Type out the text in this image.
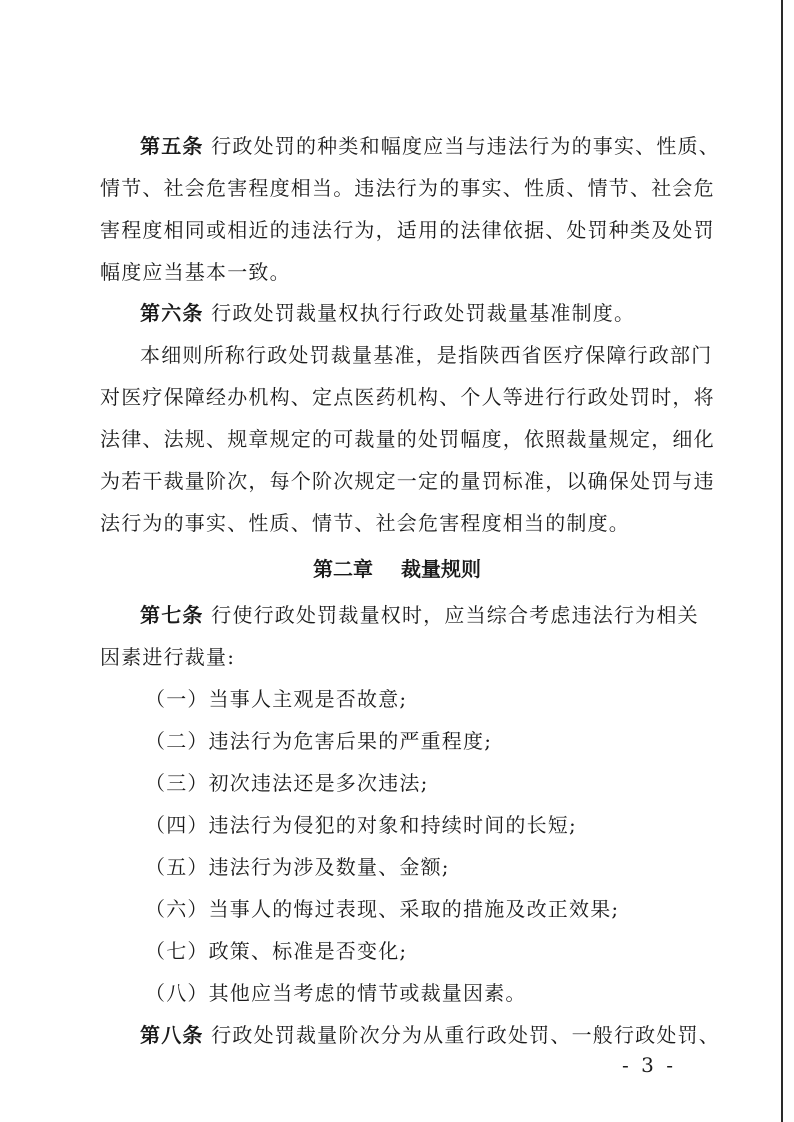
第五条 行政处罚的种类和幅度应当与违法行为的事实、性质、
情节、社会危害程度相当。违法行为的事实、性质、情节、社会危
害程度相同或相近的违法行为，适用的法律依据、处罚种类及处罚
幅度应当基本一致。
第六条 行政处罚裁量权执行行政处罚裁量基准制度。
本细则所称行政处罚裁量基准，是指陕西省医疗保障行政部门
对医疗保障经办机构、定点医药机构、个人等进行行政处罚时，将
法律、法规、规章规定的可裁量的处罚幅度，依照裁量规定，细化
为若干裁量阶次，每个阶次规定一定的量罚标准，以确保处罚与违
法行为的事实、性质、情节、社会危害程度相当的制度。
第二章 裁量规则
第七条 行使行政处罚裁量权时，应当综合考虑违法行为相关
因素进行裁量:
（一）当事人主观是否故意;
（二）违法行为危害后果的严重程度;
（三）初次违法还是多次违法;
（四）违法行为侵犯的对象和持续时间的长短;
（五）违法行为涉及数量、金额;
（六）当事人的悔过表现、采取的措施及改正效果;
（七）政策、标准是否变化;
（八）其他应当考虑的情节或裁量因素。
第八条 行政处罚裁量阶次分为从重行政处罚、一般行政处罚、
- 3 -
